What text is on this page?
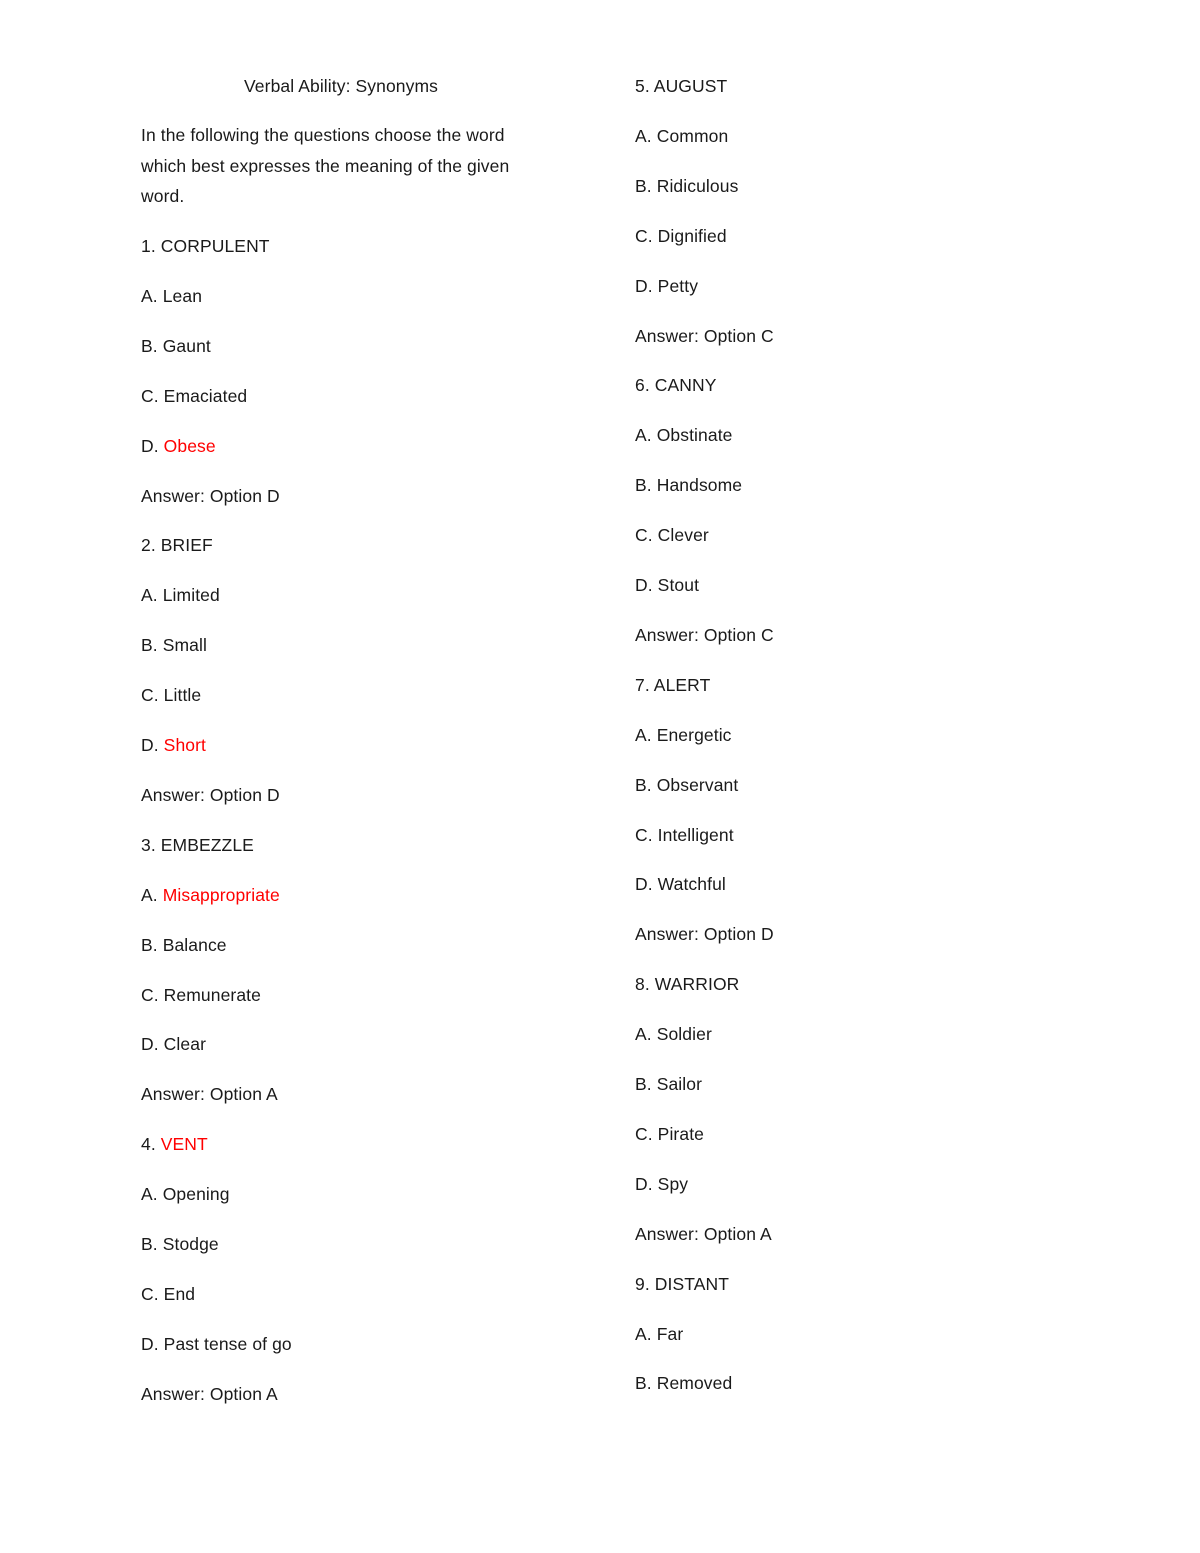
Verbal Ability: Synonyms
In the following the questions choose the word
which best expresses the meaning of the given
word.
1. CORPULENT
A. Lean
B. Gaunt
C. Emaciated
D. Obese
Answer: Option D
2. BRIEF
A. Limited
B. Small
C. Little
D. Short
Answer: Option D
3. EMBEZZLE
A. Misappropriate
B. Balance
C. Remunerate
D. Clear
Answer: Option A
4. VENT
A. Opening
B. Stodge
C. End
D. Past tense of go
Answer: Option A
5. AUGUST
A. Common
B. Ridiculous
C. Dignified
D. Petty
Answer: Option C
6. CANNY
A. Obstinate
B. Handsome
C. Clever
D. Stout
Answer: Option C
7. ALERT
A. Energetic
B. Observant
C. Intelligent
D. Watchful
Answer: Option D
8. WARRIOR
A. Soldier
B. Sailor
C. Pirate
D. Spy
Answer: Option A
9. DISTANT
A. Far
B. Removed
